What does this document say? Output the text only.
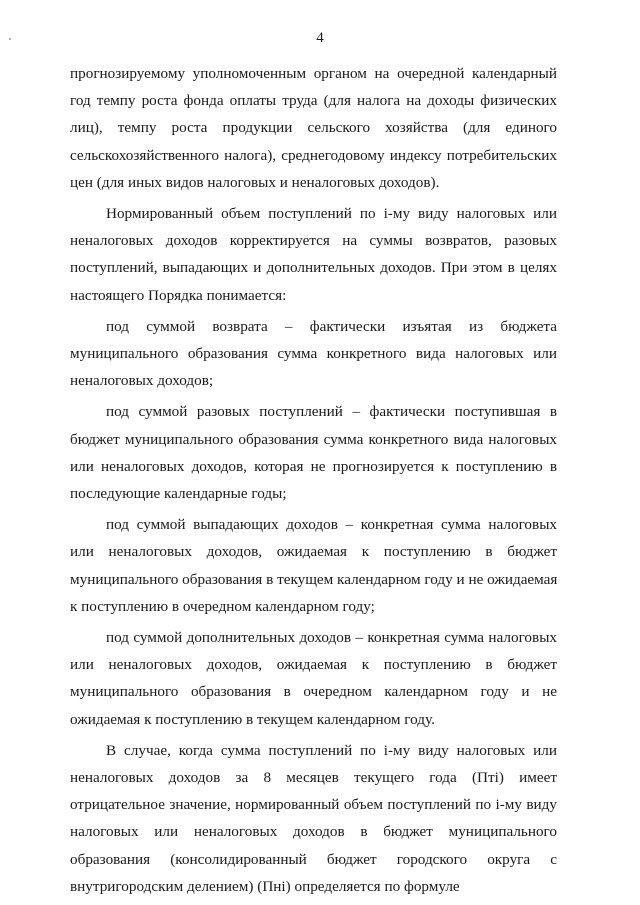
4
прогнозируемому уполномоченным органом на очередной календарный
год темпу роста фонда оплаты труда (для налога на доходы физических
лиц), темпу роста продукции сельского хозяйства (для единого
сельскохозяйственного налога), среднегодовому индексу потребительских
цен (для иных видов налоговых и неналоговых доходов).
Нормированный объем поступлений по i-му виду налоговых или
неналоговых доходов корректируется на суммы возвратов, разовых
поступлений, выпадающих и дополнительных доходов. При этом в целях
настоящего Порядка понимается:
под суммой возврата – фактически изъятая из бюджета
муниципального образования сумма конкретного вида налоговых или
неналоговых доходов;
под суммой разовых поступлений – фактически поступившая в
бюджет муниципального образования сумма конкретного вида налоговых
или неналоговых доходов, которая не прогнозируется к поступлению в
последующие календарные годы;
под суммой выпадающих доходов – конкретная сумма налоговых
или неналоговых доходов, ожидаемая к поступлению в бюджет
муниципального образования в текущем календарном году и не ожидаемая
к поступлению в очередном календарном году;
под суммой дополнительных доходов – конкретная сумма налоговых
или неналоговых доходов, ожидаемая к поступлению в бюджет
муниципального образования в очередном календарном году и не
ожидаемая к поступлению в текущем календарном году.
В случае, когда сумма поступлений по i-му виду налоговых или
неналоговых доходов за 8 месяцев текущего года (Птi) имеет
отрицательное значение, нормированный объем поступлений по i-му виду
налоговых или неналоговых доходов в бюджет муниципального
образования (консолидированный бюджет городского округа с
внутригородским делением) (Пнi) определяется по формуле
